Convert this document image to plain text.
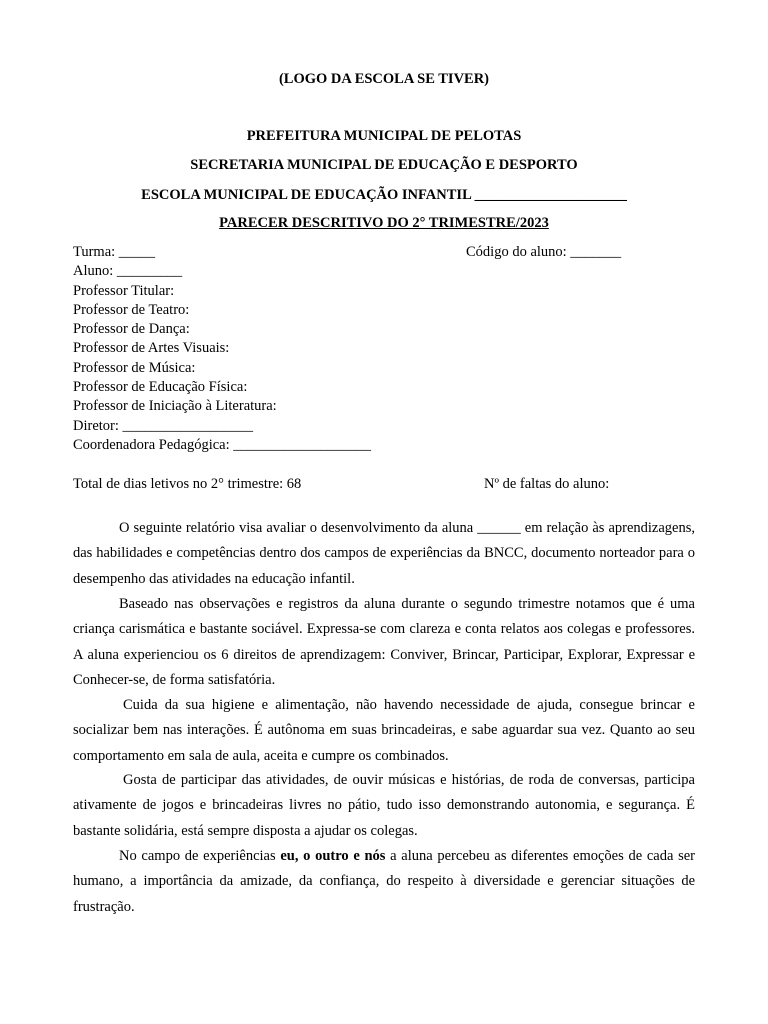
(LOGO DA ESCOLA SE TIVER)
PREFEITURA MUNICIPAL DE PELOTAS
SECRETARIA MUNICIPAL DE EDUCAÇÃO E DESPORTO
ESCOLA MUNICIPAL DE EDUCAÇÃO INFANTIL _____________________
PARECER DESCRITIVO DO 2° TRIMESTRE/2023
Turma: _____	Código do aluno: _______
Aluno: _________
Professor Titular:
Professor de Teatro:
Professor de Dança:
Professor de Artes Visuais:
Professor de Música:
Professor de Educação Física:
Professor de Iniciação à Literatura:
Diretor: __________________
Coordenadora Pedagógica: ___________________
Total de dias letivos no 2° trimestre: 68	Nº de faltas do aluno:

O seguinte relatório visa avaliar o desenvolvimento da aluna ______ em relação às aprendizagens, das habilidades e competências dentro dos campos de experiências da BNCC, documento norteador para o desempenho das atividades na educação infantil.

Baseado nas observações e registros da aluna durante o segundo trimestre notamos que é uma criança carismática e bastante sociável. Expressa-se com clareza e conta relatos aos colegas e professores. A aluna experienciou os 6 direitos de aprendizagem: Conviver, Brincar, Participar, Explorar, Expressar e Conhecer-se, de forma satisfatória.

Cuida da sua higiene e alimentação, não havendo necessidade de ajuda, consegue brincar e socializar bem nas interações. É autônoma em suas brincadeiras, e sabe aguardar sua vez. Quanto ao seu comportamento em sala de aula, aceita e cumpre os combinados.

Gosta de participar das atividades, de ouvir músicas e histórias, de roda de conversas, participa ativamente de jogos e brincadeiras livres no pátio, tudo isso demonstrando autonomia, e segurança. É bastante solidária, está sempre disposta a ajudar os colegas.

No campo de experiências eu, o outro e nós a aluna percebeu as diferentes emoções de cada ser humano, a importância da amizade, da confiança, do respeito à diversidade e gerenciar situações de frustração.
